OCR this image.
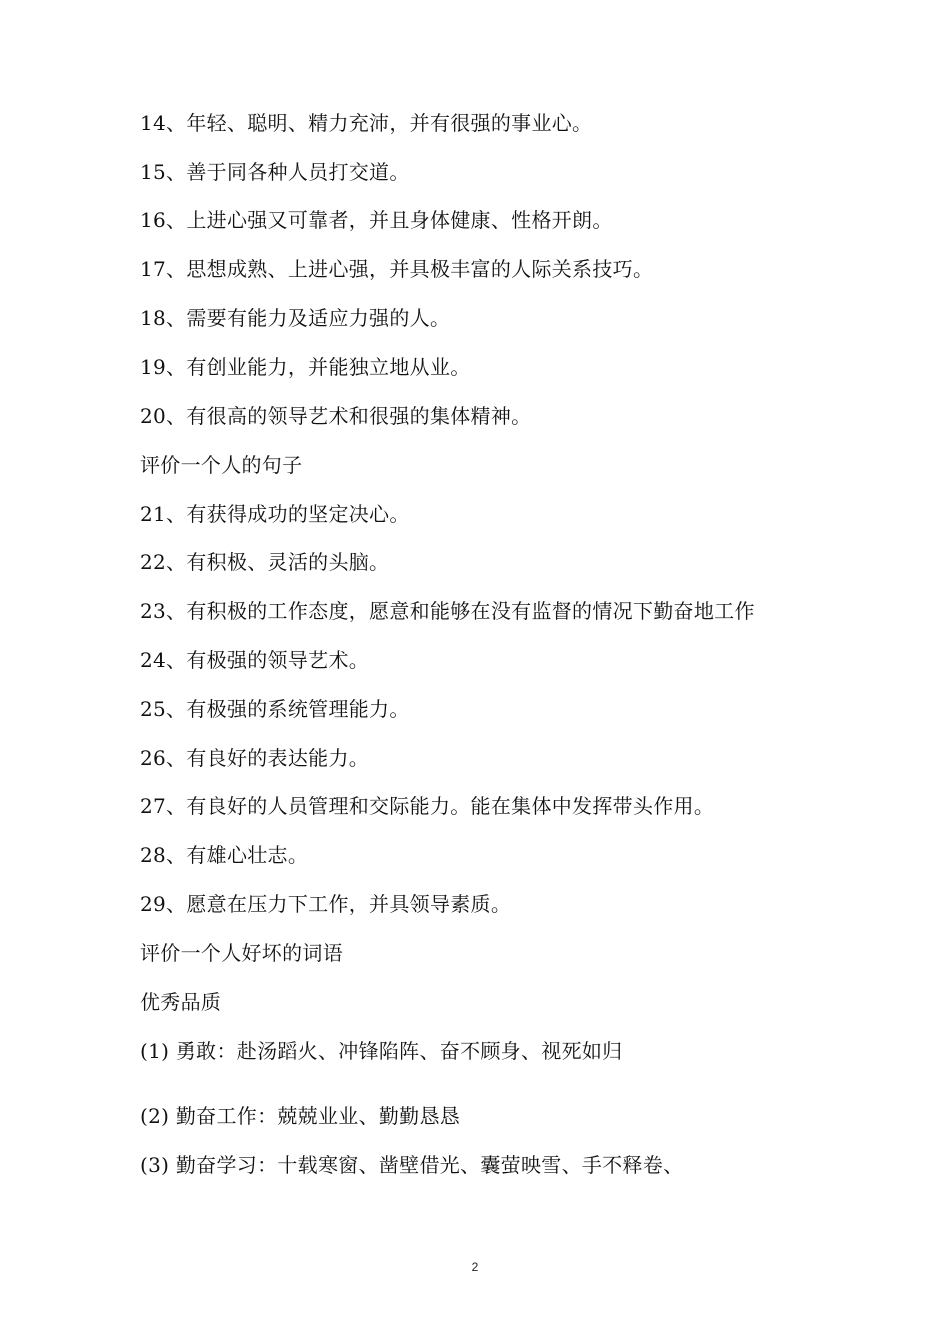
14、年轻、聪明、精力充沛，并有很强的事业心。
15、善于同各种人员打交道。
16、上进心强又可靠者，并且身体健康、性格开朗。
17、思想成熟、上进心强，并具极丰富的人际关系技巧。
18、需要有能力及适应力强的人。
19、有创业能力，并能独立地从业。
20、有很高的领导艺术和很强的集体精神。
评价一个人的句子
21、有获得成功的坚定决心。
22、有积极、灵活的头脑。
23、有积极的工作态度，愿意和能够在没有监督的情况下勤奋地工作
24、有极强的领导艺术。
25、有极强的系统管理能力。
26、有良好的表达能力。
27、有良好的人员管理和交际能力。能在集体中发挥带头作用。
28、有雄心壮志。
29、愿意在压力下工作，并具领导素质。
评价一个人好坏的词语
优秀品质
(1) 勇敢：赴汤蹈火、冲锋陷阵、奋不顾身、视死如归
(2) 勤奋工作：兢兢业业、勤勤恳恳
(3) 勤奋学习：十载寒窗、凿壁借光、囊萤映雪、手不释卷、
2
